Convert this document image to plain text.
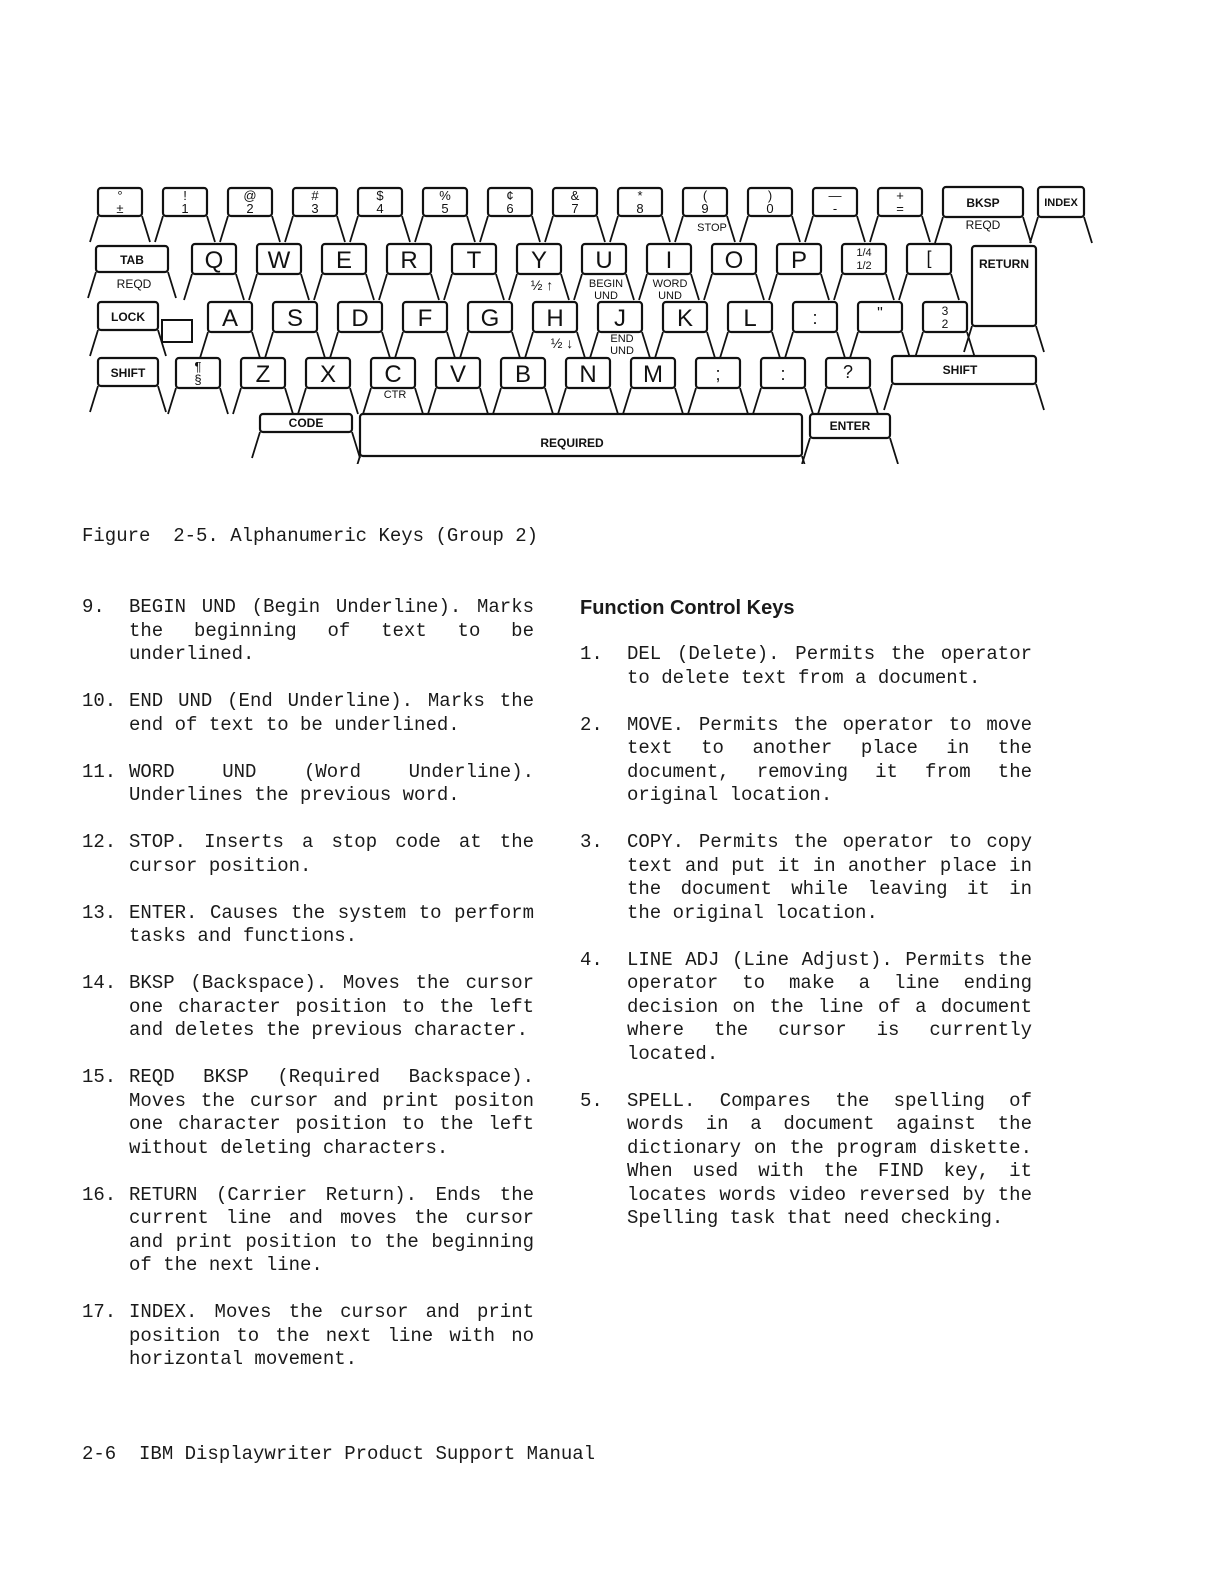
°
±
!
1
@
2
#
3
$
4
%
5
¢
6
&
7
*
8
(
9
)
0
—
-
+
=	BKSP
REQD
INDEX
STOP
TAB
REQD
Q W E R T Y U I O P	1/4
1/2	[	RETURN
½ ↑	BEGIN
UND
WORD
UND
LOCK	A S D F G H J K L	:	"	3
2
½ ↓	END
UND
SHIFT	¶
§ Z X C V B N M	;	:	?	SHIFT
CTR
CODE
REQUIRED
ENTER
Figure  2-5. Alphanumeric Keys (Group 2)
9. BEGIN UND (Begin Underline). Marks the beginning of text to be underlined.
10. END UND (End Underline). Marks the end of text to be underlined.
11. WORD UND (Word Underline). Underlines the previous word.
12. STOP. Inserts a stop code at the cursor position.
13. ENTER. Causes the system to perform tasks and functions.
14. BKSP (Backspace). Moves the cursor one character position to the left and deletes the previous character.
15. REQD BKSP (Required Backspace). Moves the cursor and print positon one character position to the left without deleting characters.
16. RETURN (Carrier Return). Ends the current line and moves the cursor and print position to the beginning of the next line.
17. INDEX. Moves the cursor and print position to the next line with no horizontal movement.
Function Control Keys
1. DEL (Delete). Permits the operator to delete text from a document.
2. MOVE. Permits the operator to move text to another place in the document, removing it from the original location.
3. COPY. Permits the operator to copy text and put it in another place in the document while leaving it in the original location.
4. LINE ADJ (Line Adjust). Permits the operator to make a line ending decision on the line of a document where the cursor is currently located.
5. SPELL. Compares the spelling of words in a document against the dictionary on the program diskette. When used with the FIND key, it locates words video reversed by the Spelling task that need checking.
2-6  IBM Displaywriter Product Support Manual
